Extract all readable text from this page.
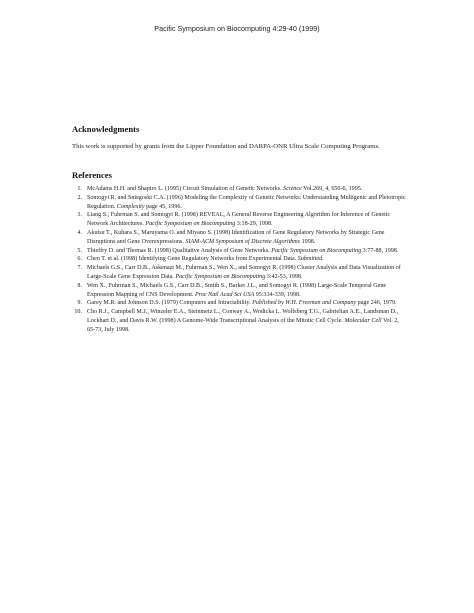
Pacific Symposium on Biocomputing 4:29-40 (1999)
Acknowledgments

This work is supported by grants from the Lipper Foundation and DARPA-ONR Ultra Scale Computing Programs.

References
1. McAdams H.H. and Shapiro L. (1995) Circuit Simulation of Genetic Networks. Science Vol.269, 4, 650-6, 1995.
2. Somogyi R. and Sniegoski C.A. (1996) Modeling the Complexity of Genetic Networks: Understanding Multigenic and Pleiotropic Regulation. Complexity page 45, 1996.
3. Liang S., Fuhrman S. and Somogyi R. (1998) REVEAL, A General Reverse Engineering Algorithm for Inference of Genetic Network Architectures. Pacific Symposium on Biocomputing 3:18-29, 1998.
4. Akutsu T., Kuhara S., Maruyama O. and Miyano S. (1998) Identification of Gene Regulatory Networks by Strategic Gene Disruptions and Gene Overexpressions. SIAM-ACM Symposium of Discrete Algorithms 1998.
5. Thieffry D. and Thomas R. (1998) Qualitative Analysis of Gene Networks. Pacific Symposium on Biocomputing 3:77-88, 1998.
6. Chen T. et al. (1998) Identifying Gene Regulatory Networks from Experimental Data. Submitted.
7. Michaels G.S., Carr D.B., Askenazi M., Fuhrman S., Wen X., and Somogyi R. (1998) Cluster Analysis and Data Visualization of Large-Scale Gene Expression Data. Pacific Symposium on Biocomputing 3:42-53, 1998.
8. Wen X., Fuhrman S., Michaels G.S., Carr D.B., Smith S., Barker J.L., and Somogyi R. (1998) Large-Scale Temporal Gene Expression Mapping of CNS Development. Proc Natl Acad Sci USA 95:334-339, 1998.
9. Garey M.R. and Johnson D.S. (1979) Computers and Intractability. Published by W.H. Freeman and Company page 246, 1979.
10. Cho R.J., Campbell M.J., Winzeler E.A., Steinmetz L., Conway A., Wodicka L. Wolfsberg T.G., Gabrielian A.E., Landsman D., Lockhart D., and Davis R.W. (1998) A Genome-Wide Transcriptional Analysis of the Mitotic Cell Cycle. Molecular Cell Vol. 2, 65-73, July 1998.
